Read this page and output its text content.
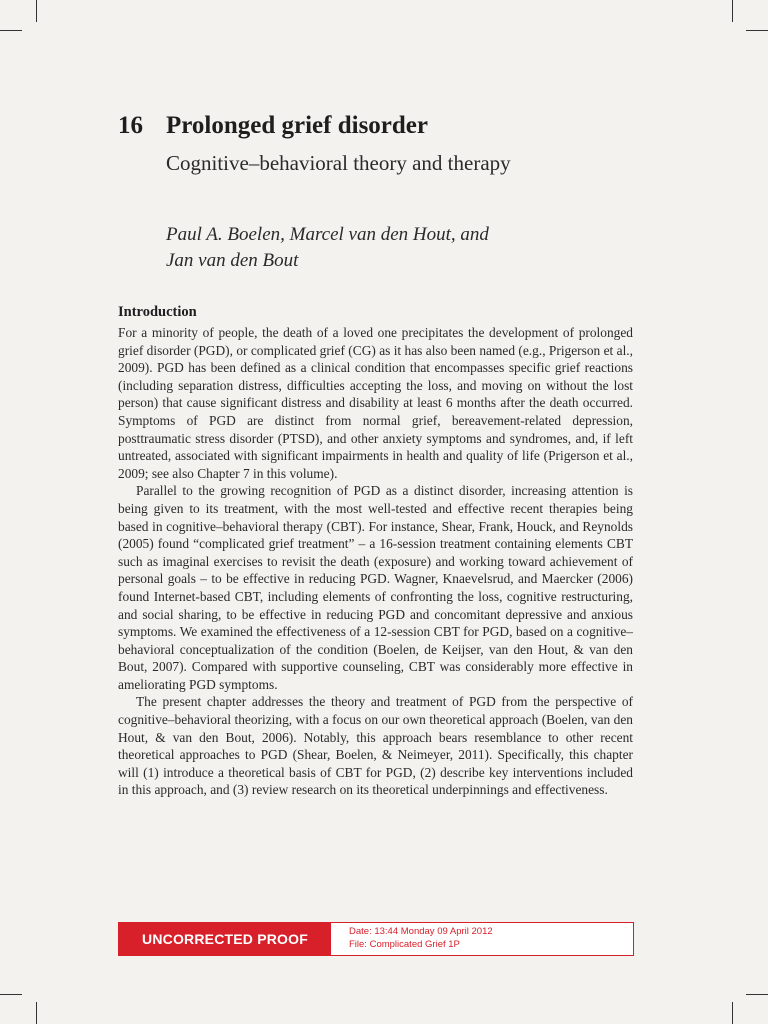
16 Prolonged grief disorder
Cognitive–behavioral theory and therapy
Paul A. Boelen, Marcel van den Hout, and
Jan van den Bout
Introduction

For a minority of people, the death of a loved one precipitates the development of prolonged grief disorder (PGD), or complicated grief (CG) as it has also been named (e.g., Prigerson et al., 2009). PGD has been defined as a clinical condition that encompasses specific grief reactions (including separation distress, difficulties accepting the loss, and moving on without the lost person) that cause significant distress and disability at least 6 months after the death occurred. Symptoms of PGD are distinct from normal grief, bereavement-related depression, posttraumatic stress disorder (PTSD), and other anxiety symptoms and syndromes, and, if left untreated, associated with significant impairments in health and quality of life (Prigerson et al., 2009; see also Chapter 7 in this volume).

Parallel to the growing recognition of PGD as a distinct disorder, increasing attention is being given to its treatment, with the most well-tested and effective recent therapies being based in cognitive–behavioral therapy (CBT). For instance, Shear, Frank, Houck, and Reynolds (2005) found “complicated grief treatment” – a 16-session treatment containing elements CBT such as imaginal exercises to revisit the death (exposure) and working toward achievement of personal goals – to be effective in reducing PGD. Wagner, Knaevelsrud, and Maercker (2006) found Internet-based CBT, including elements of confronting the loss, cognitive restructuring, and social sharing, to be effective in reducing PGD and concomitant depressive and anxious symptoms. We examined the effectiveness of a 12-session CBT for PGD, based on a cognitive–behavioral conceptualization of the condition (Boelen, de Keijser, van den Hout, & van den Bout, 2007). Compared with supportive counseling, CBT was considerably more effective in ameliorating PGD symptoms.

The present chapter addresses the theory and treatment of PGD from the perspective of cognitive–behavioral theorizing, with a focus on our own theoretical approach (Boelen, van den Hout, & van den Bout, 2006). Notably, this approach bears resemblance to other recent theoretical approaches to PGD (Shear, Boelen, & Neimeyer, 2011). Specifically, this chapter will (1) introduce a theoretical basis of CBT for PGD, (2) describe key interventions included in this approach, and (3) review research on its theoretical underpinnings and effectiveness.

UNCORRECTED PROOF	Date: 13:44 Monday 09 April 2012
File: Complicated Grief 1P
